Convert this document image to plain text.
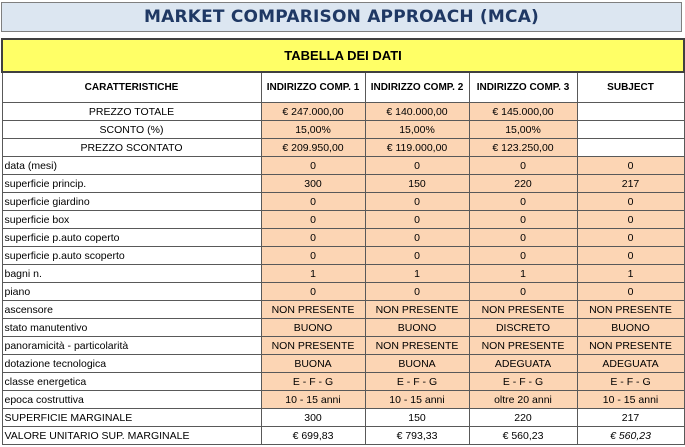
MARKET COMPARISON APPROACH (MCA)
TABELLA DEI DATI				
CARATTERISTICHE	INDIRIZZO COMP. 1	INDIRIZZO COMP. 2	INDIRIZZO COMP. 3	SUBJECT
PREZZO TOTALE	€ 247.000,00	€ 140.000,00	€ 145.000,00	
SCONTO (%)	15,00%	15,00%	15,00%	
PREZZO SCONTATO	€ 209.950,00	€ 119.000,00	€ 123.250,00	
data (mesi)	0	0	0	0
superficie princip.	300	150	220	217
superficie giardino	0	0	0	0
superficie box	0	0	0	0
superficie p.auto coperto	0	0	0	0
superficie p.auto scoperto	0	0	0	0
bagni n.	1	1	1	1
piano	0	0	0	0
ascensore	NON PRESENTE	NON PRESENTE	NON PRESENTE	NON PRESENTE
stato manutentivo	BUONO	BUONO	DISCRETO	BUONO
panoramicità - particolarità	NON PRESENTE	NON PRESENTE	NON PRESENTE	NON PRESENTE
dotazione tecnologica	BUONA	BUONA	ADEGUATA	ADEGUATA
classe energetica	E - F - G	E - F - G	E - F - G	E - F - G
epoca costruttiva	10 - 15 anni	10 - 15 anni	oltre 20 anni	10 - 15 anni
SUPERFICIE MARGINALE	300	150	220	217
VALORE UNITARIO SUP. MARGINALE	€ 699,83	€ 793,33	€ 560,23	€ 560,23
